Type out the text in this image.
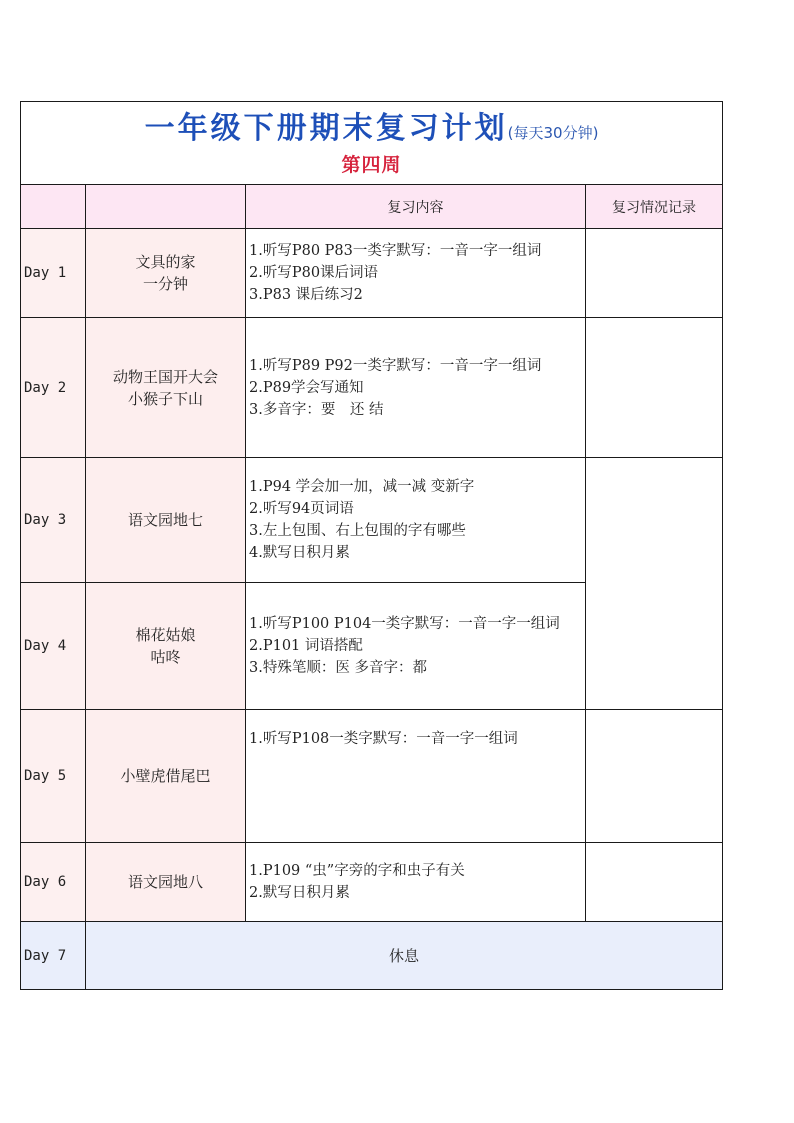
一年级下册期末复习计划(每天30分钟)
第四周			

		复习内容	复习情况记录
Day 1	文具的家
一分钟	1.听写P80 P83一类字默写：一音一字一组词
2.听写P80课后词语
3.P83 课后练习2	

Day 2	动物王国开大会
小猴子下山	1.听写P89 P92一类字默写：一音一字一组词
2.P89学会写通知
3.多音字：要　还 结	

Day 3	语文园地七	1.P94 学会加一加，减一减 变新字
2.听写94页词语
3.左上包围、右上包围的字有哪些
4.默写日积月累	

Day 4	棉花姑娘
咕咚	1.听写P100 P104一类字默写：一音一字一组词
2.P101 词语搭配
3.特殊笔顺：医 多音字：都	

Day 5	小壁虎借尾巴	1.听写P108一类字默写：一音一字一组词	

Day 6	语文园地八	1.P109 “虫”字旁的字和虫子有关
2.默写日积月累	

Day 7	休息		
